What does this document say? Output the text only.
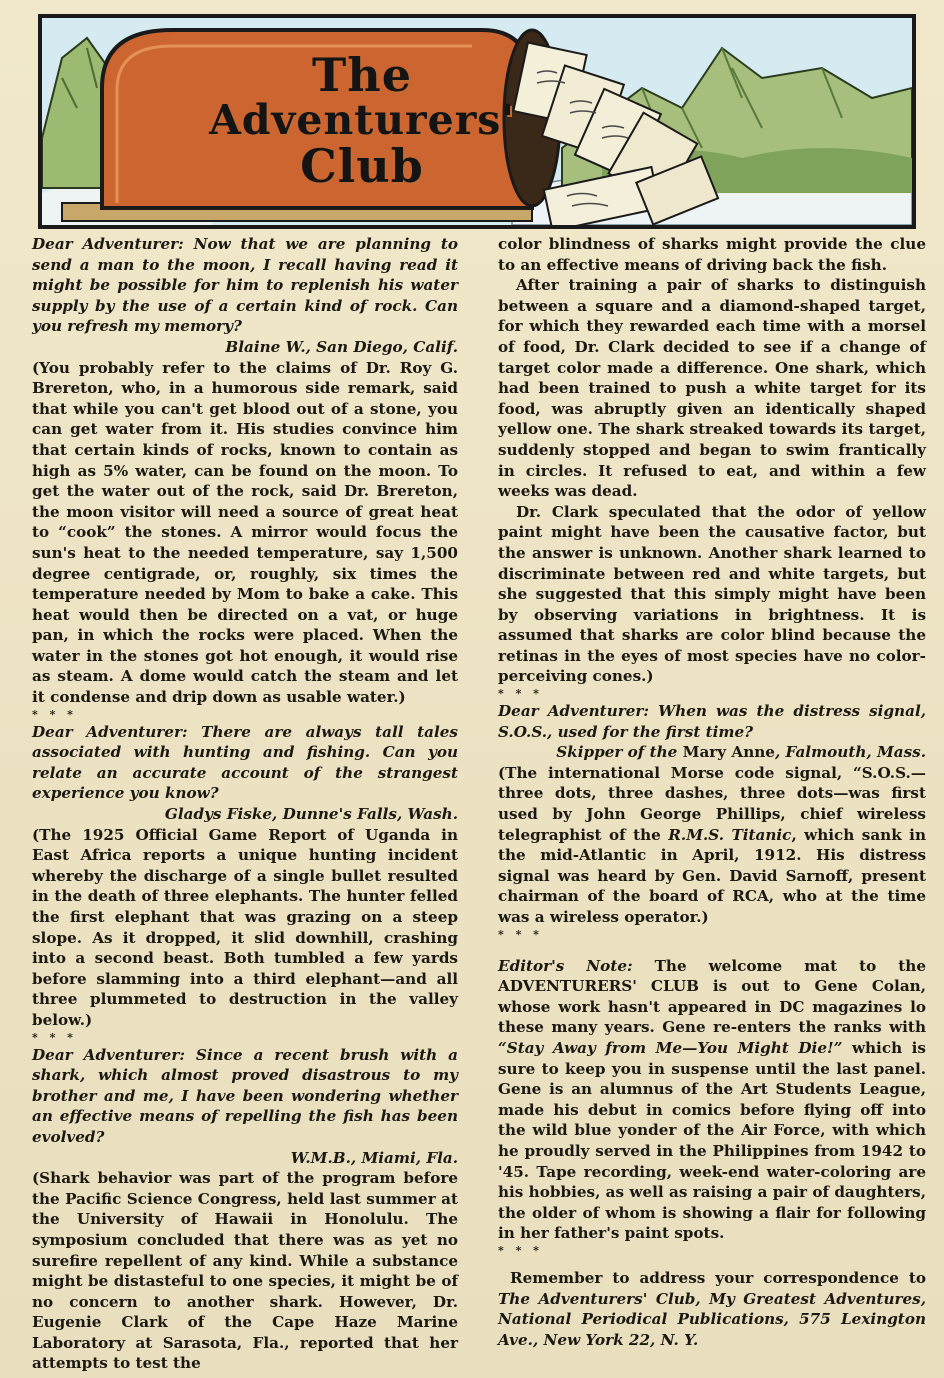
The
Adventurers'
Club

Dear Adventurer: Now that we are planning to send a man to the moon, I recall having read it might be possible for him to replenish his water supply by the use of a certain kind of rock. Can you refresh my memory?

Blaine W., San Diego, Calif.

(You probably refer to the claims of Dr. Roy G. Brereton, who, in a humorous side remark, said that while you can't get blood out of a stone, you can get water from it. His studies convince him that certain kinds of rocks, known to contain as high as 5% water, can be found on the moon. To get the water out of the rock, said Dr. Brereton, the moon visitor will need a source of great heat to “cook” the stones. A mirror would focus the sun's heat to the needed temperature, say 1,500 degree centigrade, or, roughly, six times the temperature needed by Mom to bake a cake. This heat would then be directed on a vat, or huge pan, in which the rocks were placed. When the water in the stones got hot enough, it would rise as steam. A dome would catch the steam and let it condense and drip down as usable water.)

* * *

Dear Adventurer: There are always tall tales associated with hunting and fishing. Can you relate an accurate account of the strangest experience you know?

Gladys Fiske, Dunne's Falls, Wash.

(The 1925 Official Game Report of Uganda in East Africa reports a unique hunting incident whereby the discharge of a single bullet resulted in the death of three elephants. The hunter felled the first elephant that was grazing on a steep slope. As it dropped, it slid downhill, crashing into a second beast. Both tumbled a few yards before slamming into a third elephant—and all three plummeted to destruction in the valley below.)

* * *

Dear Adventurer: Since a recent brush with a shark, which almost proved disastrous to my brother and me, I have been wondering whether an effective means of repelling the fish has been evolved?

W.M.B., Miami, Fla.

(Shark behavior was part of the program before the Pacific Science Congress, held last summer at the University of Hawaii in Honolulu. The symposium concluded that there was as yet no surefire repellent of any kind. While a substance might be distasteful to one species, it might be of no concern to another shark. However, Dr. Eugenie Clark of the Cape Haze Marine Laboratory at Sarasota, Fla., reported that her attempts to test the

color blindness of sharks might provide the clue to an effective means of driving back the fish.

After training a pair of sharks to distinguish between a square and a diamond-shaped target, for which they rewarded each time with a morsel of food, Dr. Clark decided to see if a change of target color made a difference. One shark, which had been trained to push a white target for its food, was abruptly given an identically shaped yellow one. The shark streaked towards its target, suddenly stopped and began to swim frantically in circles. It refused to eat, and within a few weeks was dead.

Dr. Clark speculated that the odor of yellow paint might have been the causative factor, but the answer is unknown. Another shark learned to discriminate between red and white targets, but she suggested that this simply might have been by observing variations in brightness. It is assumed that sharks are color blind because the retinas in the eyes of most species have no color-perceiving cones.)

* * *

Dear Adventurer: When was the distress signal, S.O.S., used for the first time?

Skipper of the Mary Anne, Falmouth, Mass.

(The international Morse code signal, “S.O.S.—three dots, three dashes, three dots—was first used by John George Phillips, chief wireless telegraphist of the R.M.S. Titanic, which sank in the mid-Atlantic in April, 1912. His distress signal was heard by Gen. David Sarnoff, present chairman of the board of RCA, who at the time was a wireless operator.)

* * *

Editor's Note: The welcome mat to the ADVENTURERS' CLUB is out to Gene Colan, whose work hasn't appeared in DC magazines lo these many years. Gene re-enters the ranks with “Stay Away from Me—You Might Die!” which is sure to keep you in suspense until the last panel. Gene is an alumnus of the Art Students League, made his debut in comics before flying off into the wild blue yonder of the Air Force, with which he proudly served in the Philippines from 1942 to '45. Tape recording, week-end water-coloring are his hobbies, as well as raising a pair of daughters, the older of whom is showing a flair for following in her father's paint spots.

* * *

Remember to address your correspondence to The Adventurers' Club, My Greatest Adventures, National Periodical Publications, 575 Lexington Ave., New York 22, N. Y.
